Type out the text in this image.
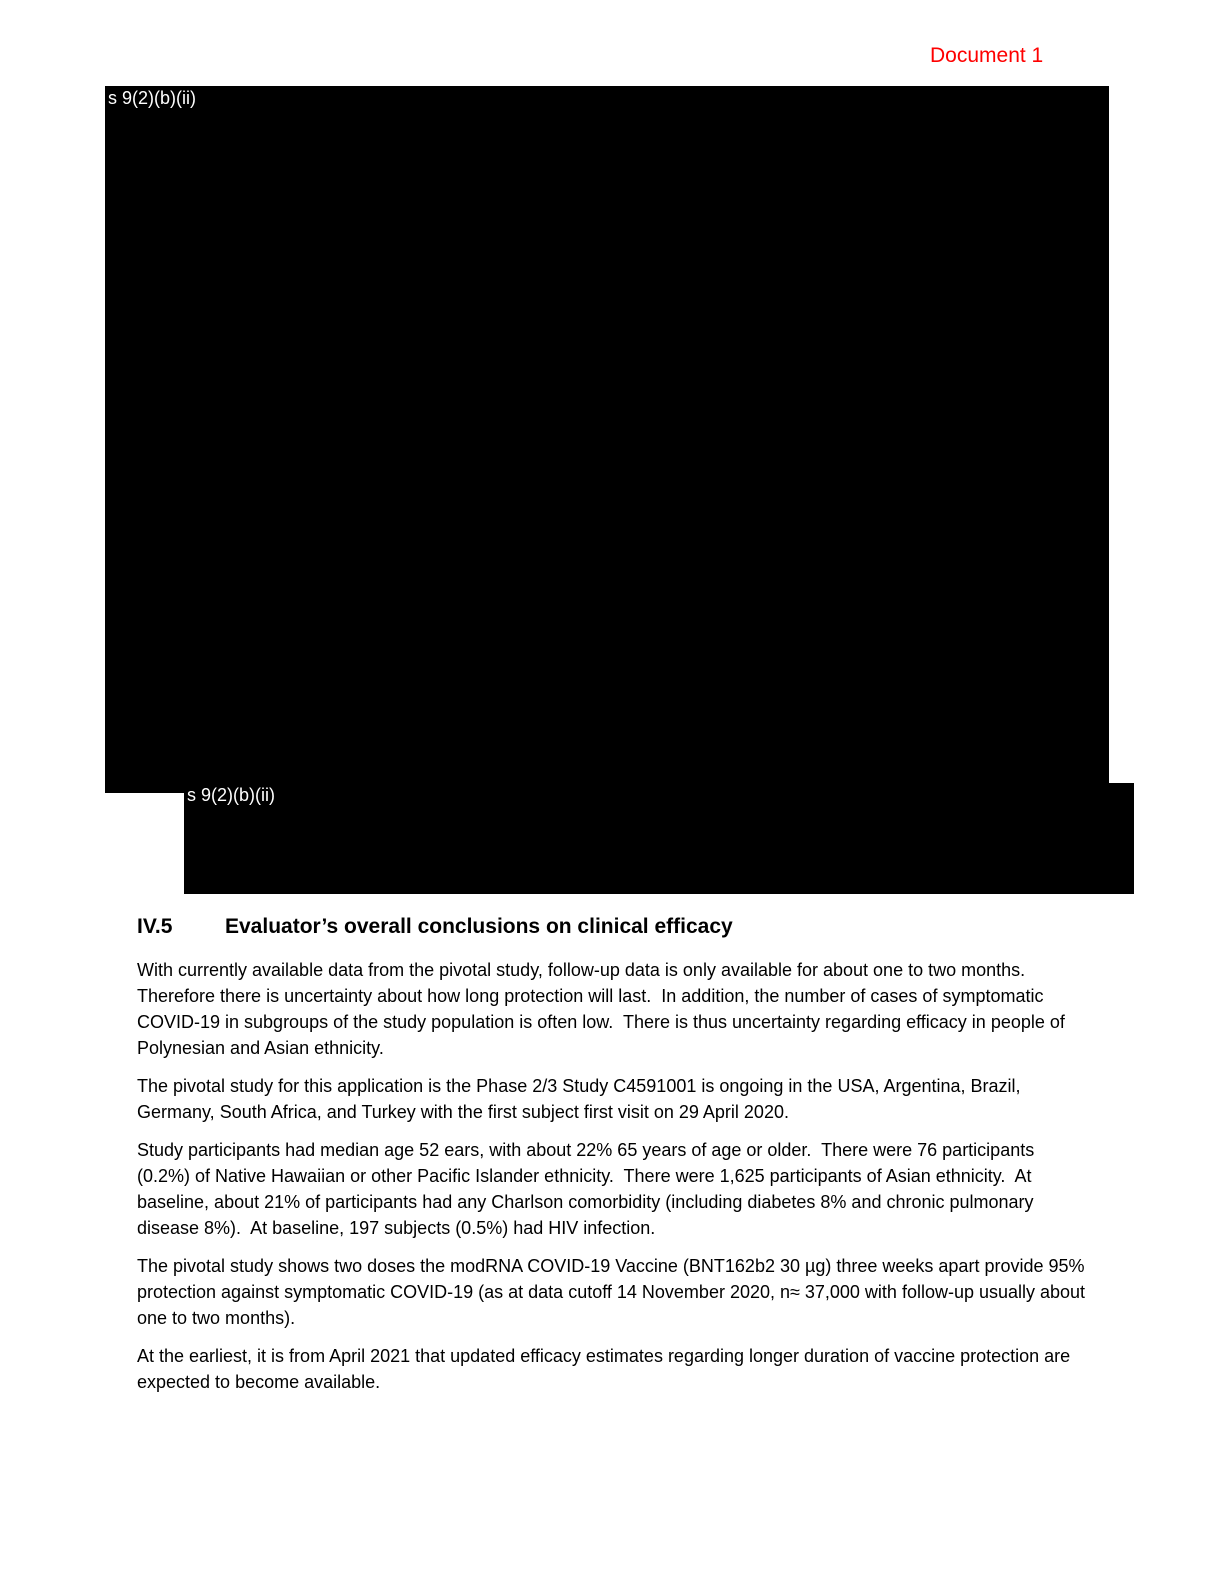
Document 1
s 9(2)(b)(ii)
s 9(2)(b)(ii)
IV.5	Evaluator’s overall conclusions on clinical efficacy

With currently available data from the pivotal study, follow-up data is only available for about one to two months.  Therefore there is uncertainty about how long protection will last.  In addition, the number of cases of symptomatic COVID-19 in subgroups of the study population is often low.  There is thus uncertainty regarding efficacy in people of Polynesian and Asian ethnicity.

The pivotal study for this application is the Phase 2/3 Study C4591001 is ongoing in the USA, Argentina, Brazil, Germany, South Africa, and Turkey with the first subject first visit on 29 April 2020.

Study participants had median age 52 ears, with about 22% 65 years of age or older.  There were 76 participants (0.2%) of Native Hawaiian or other Pacific Islander ethnicity.  There were 1,625 participants of Asian ethnicity.  At baseline, about 21% of participants had any Charlson comorbidity (including diabetes 8% and chronic pulmonary disease 8%).  At baseline, 197 subjects (0.5%) had HIV infection.

The pivotal study shows two doses the modRNA COVID-19 Vaccine (BNT162b2 30 µg) three weeks apart provide 95% protection against symptomatic COVID-19 (as at data cutoff 14 November 2020, n≈ 37,000 with follow-up usually about one to two months).

At the earliest, it is from April 2021 that updated efficacy estimates regarding longer duration of vaccine protection are expected to become available.
